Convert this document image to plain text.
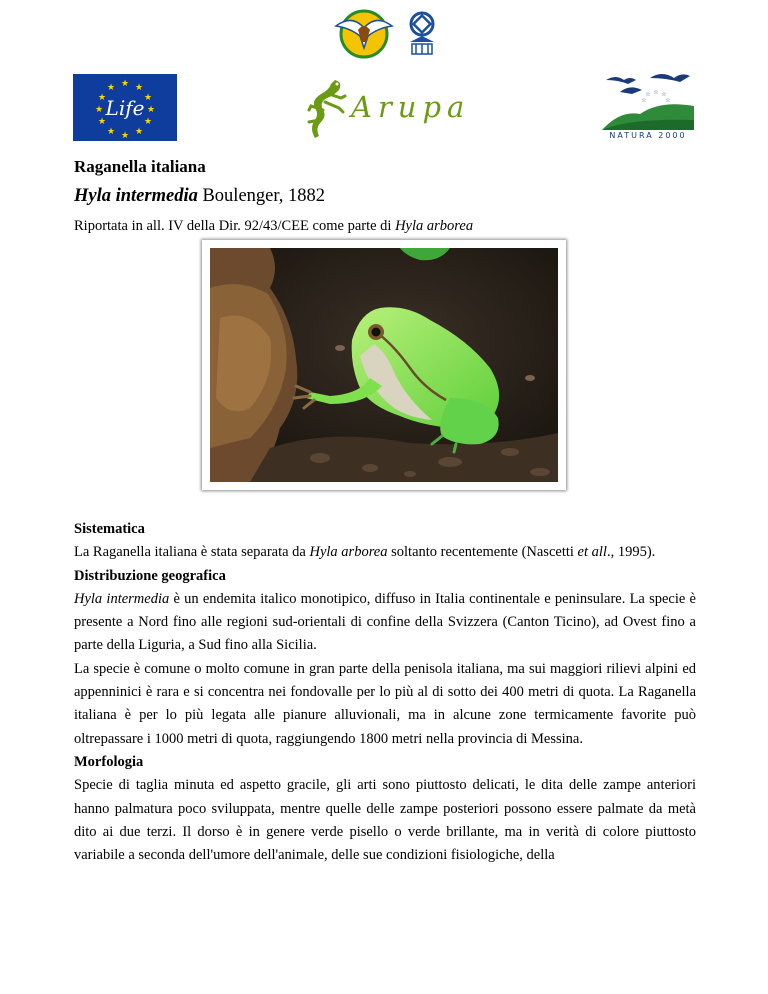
★ ★
★
★
★
★
★
★
★
★
★
★
Life	Arupa	☆ ☆ ☆
☆	☆
NATURA 2000
Raganella italiana
Hyla intermedia Boulenger, 1882
Riportata in all. IV della Dir. 92/43/CEE come parte di Hyla arborea
Sistematica

La Raganella italiana è stata separata da Hyla arborea soltanto recentemente (Nascetti et all., 1995).

Distribuzione geografica

Hyla intermedia è un endemita italico monotipico, diffuso in Italia continentale e peninsulare. La specie è presente a Nord fino alle regioni sud-orientali di confine della Svizzera (Canton Ticino), ad Ovest fino a parte della Liguria, a Sud fino alla Sicilia.

La specie è comune o molto comune in gran parte della penisola italiana, ma sui maggiori rilievi alpini ed appenninici è rara e si concentra nei fondovalle per lo più al di sotto dei 400 metri di quota. La Raganella italiana è per lo più legata alle pianure alluvionali, ma in alcune zone termicamente favorite può oltrepassare i 1000 metri di quota, raggiungendo 1800 metri nella provincia di Messina.

Morfologia

Specie di taglia minuta ed aspetto gracile, gli arti sono piuttosto delicati, le dita delle zampe anteriori hanno palmatura poco sviluppata, mentre quelle delle zampe posteriori possono essere palmate da metà dito ai due terzi. Il dorso è in genere verde pisello o verde brillante, ma in verità di colore piuttosto variabile a seconda dell'umore dell'animale, delle sue condizioni fisiologiche, della
